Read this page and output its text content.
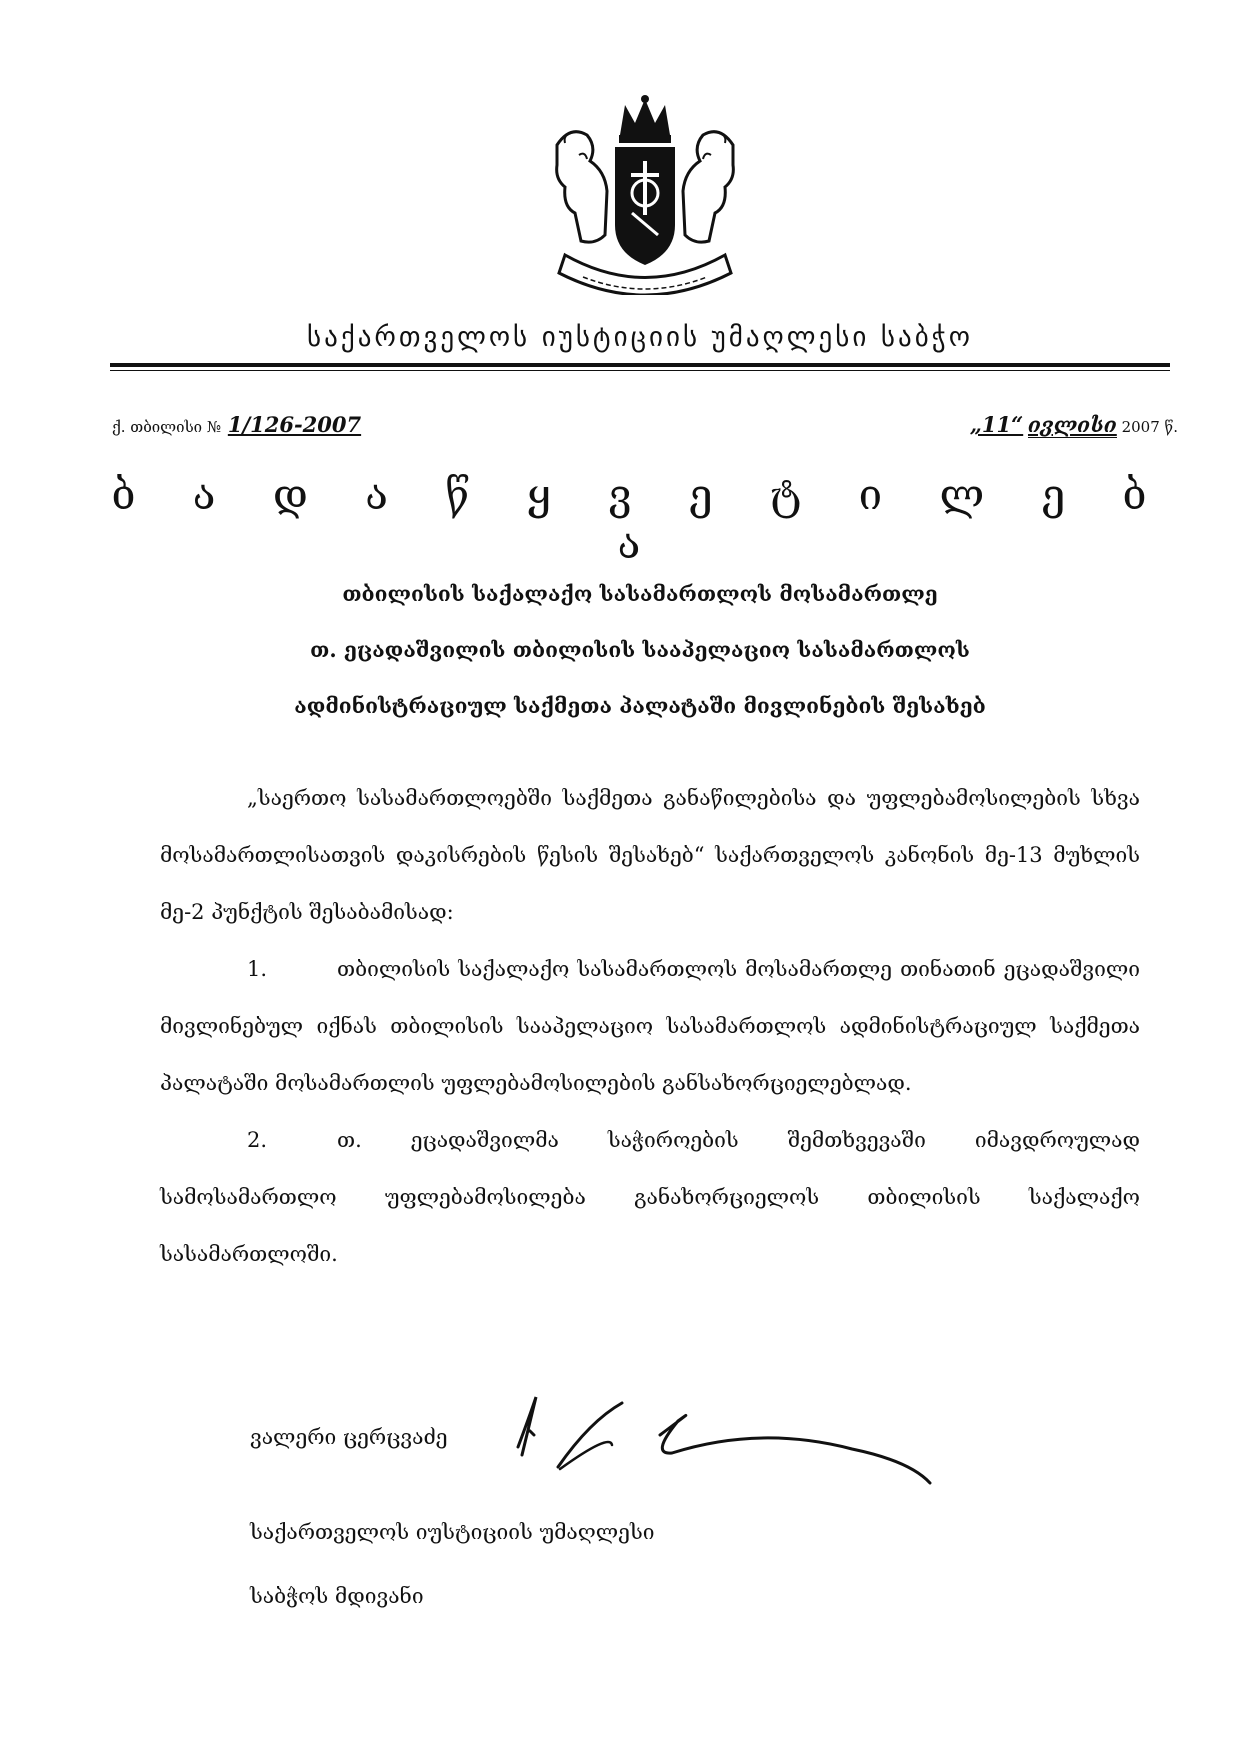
საქართველოს იუსტიციის უმაღლესი საბჭო
ქ. თბილისი № 1/126-2007	„11“ ივლისი 2007 წ.
ბ ა დ ა წ ყ ვ ე ტ ი ლ ე ბ ა
თბილისის საქალაქო სასამართლოს მოსამართლე
თ. ეცადაშვილის თბილისის სააპელაციო სასამართლოს
ადმინისტრაციულ საქმეთა პალატაში მივლინების შესახებ

„საერთო სასამართლოებში საქმეთა განაწილებისა და უფლებამოსილების სხვა მოსამართლისათვის დაკისრების წესის შესახებ“ საქართველოს კანონის მე-13 მუხლის მე-2 პუნქტის შესაბამისად:

1.	თბილისის საქალაქო სასამართლოს მოსამართლე თინათინ ეცადაშვილი მივლინებულ იქნას თბილისის სააპელაციო სასამართლოს ადმინისტრაციულ საქმეთა პალატაში მოსამართლის უფლებამოსილების განსახორციელებლად.

2.	თ. ეცადაშვილმა საჭიროების შემთხვევაში იმავდროულად სამოსამართლო უფლებამოსილება განახორციელოს თბილისის საქალაქო სასამართლოში.

ვალერი ცერცვაძე
საქართველოს იუსტიციის უმაღლესი
საბჭოს მდივანი
